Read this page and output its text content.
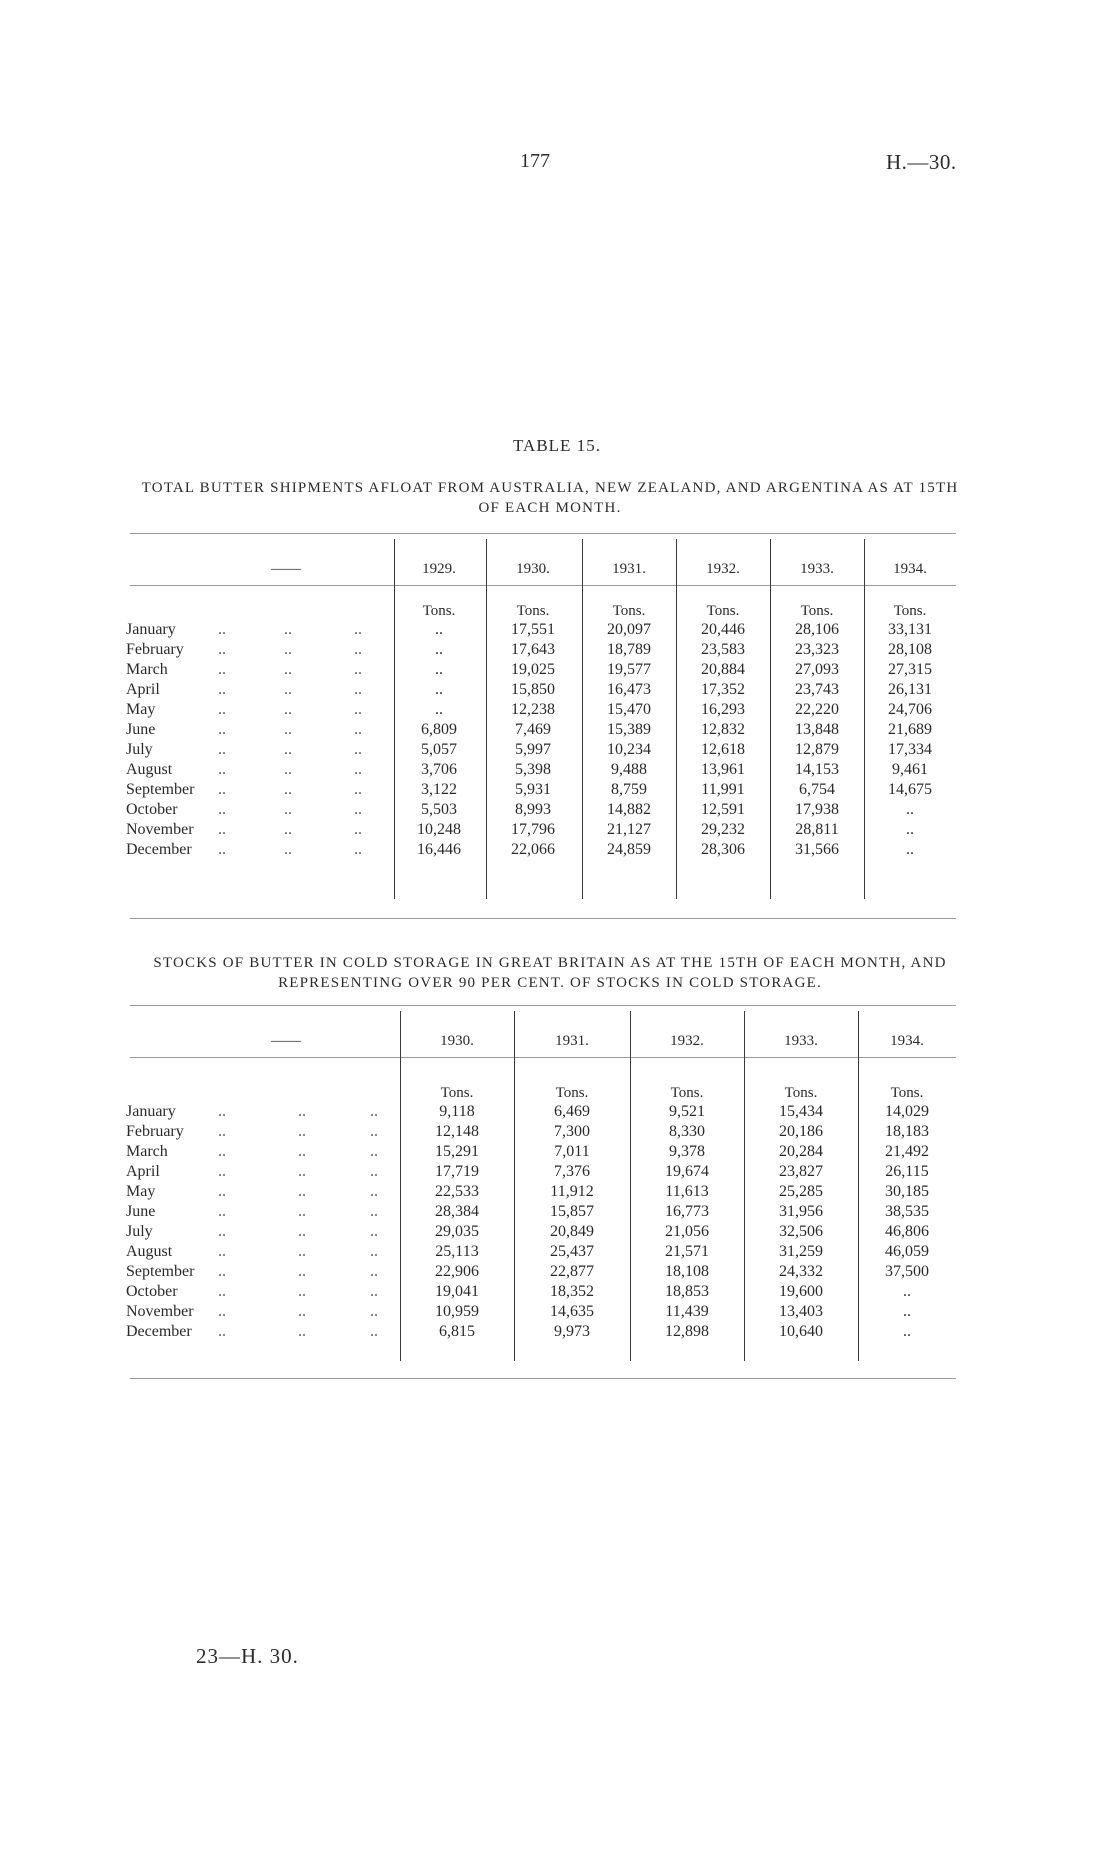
177	H.—30.
TABLE 15.
TOTAL BUTTER SHIPMENTS AFLOAT FROM AUSTRALIA, NEW ZEALAND, AND ARGENTINA AS AT 15TH
OF EACH MONTH.
——	1929.	1930.	1931.	1932.	1933.	1934.
Tons.	Tons.	Tons.	Tons.	Tons.	Tons.
January	..	..	..	..	17,551	20,097	20,446	28,106	33,131
February ..	..	..	..	17,643	18,789	23,583	23,323	28,108
March	..	..	..	..	19,025	19,577	20,884	27,093	27,315
April	..	..	..	..	15,850	16,473	17,352	23,743	26,131
May	..	..	..	..	12,238	15,470	16,293	22,220	24,706
June	..	..	..	6,809	7,469	15,389	12,832	13,848	21,689
July	..	..	..	5,057	5,997	10,234	12,618	12,879	17,334
August	..	..	..	3,706	5,398	9,488	13,961	14,153	9,461
September ..	..	..	3,122	5,931	8,759	11,991	6,754	14,675
October	..	..	..	5,503	8,993	14,882	12,591	17,938	..
November ..	..	..	10,248	17,796	21,127	29,232	28,811	..
December ..	..	..	16,446	22,066	24,859	28,306	31,566	..
STOCKS OF BUTTER IN COLD STORAGE IN GREAT BRITAIN AS AT THE 15TH OF EACH MONTH, AND
REPRESENTING OVER 90 PER CENT. OF STOCKS IN COLD STORAGE.
——	1930.	1931.	1932.	1933.	1934.
Tons.	Tons.	Tons.	Tons.	Tons.
January	..	..	..	9,118	6,469	9,521	15,434	14,029
February ..	..	..	12,148	7,300	8,330	20,186	18,183
March	..	..	..	15,291	7,011	9,378	20,284	21,492
April	..	..	..	17,719	7,376	19,674	23,827	26,115
May	..	..	..	22,533	11,912	11,613	25,285	30,185
June	..	..	..	28,384	15,857	16,773	31,956	38,535
July	..	..	..	29,035	20,849	21,056	32,506	46,806
August	..	..	..	25,113	25,437	21,571	31,259	46,059
September ..	..	..	22,906	22,877	18,108	24,332	37,500
October	..	..	..	19,041	18,352	18,853	19,600	..
November ..	..	..	10,959	14,635	11,439	13,403	..
December ..	..	..	6,815	9,973	12,898	10,640	..
23—H. 30.
